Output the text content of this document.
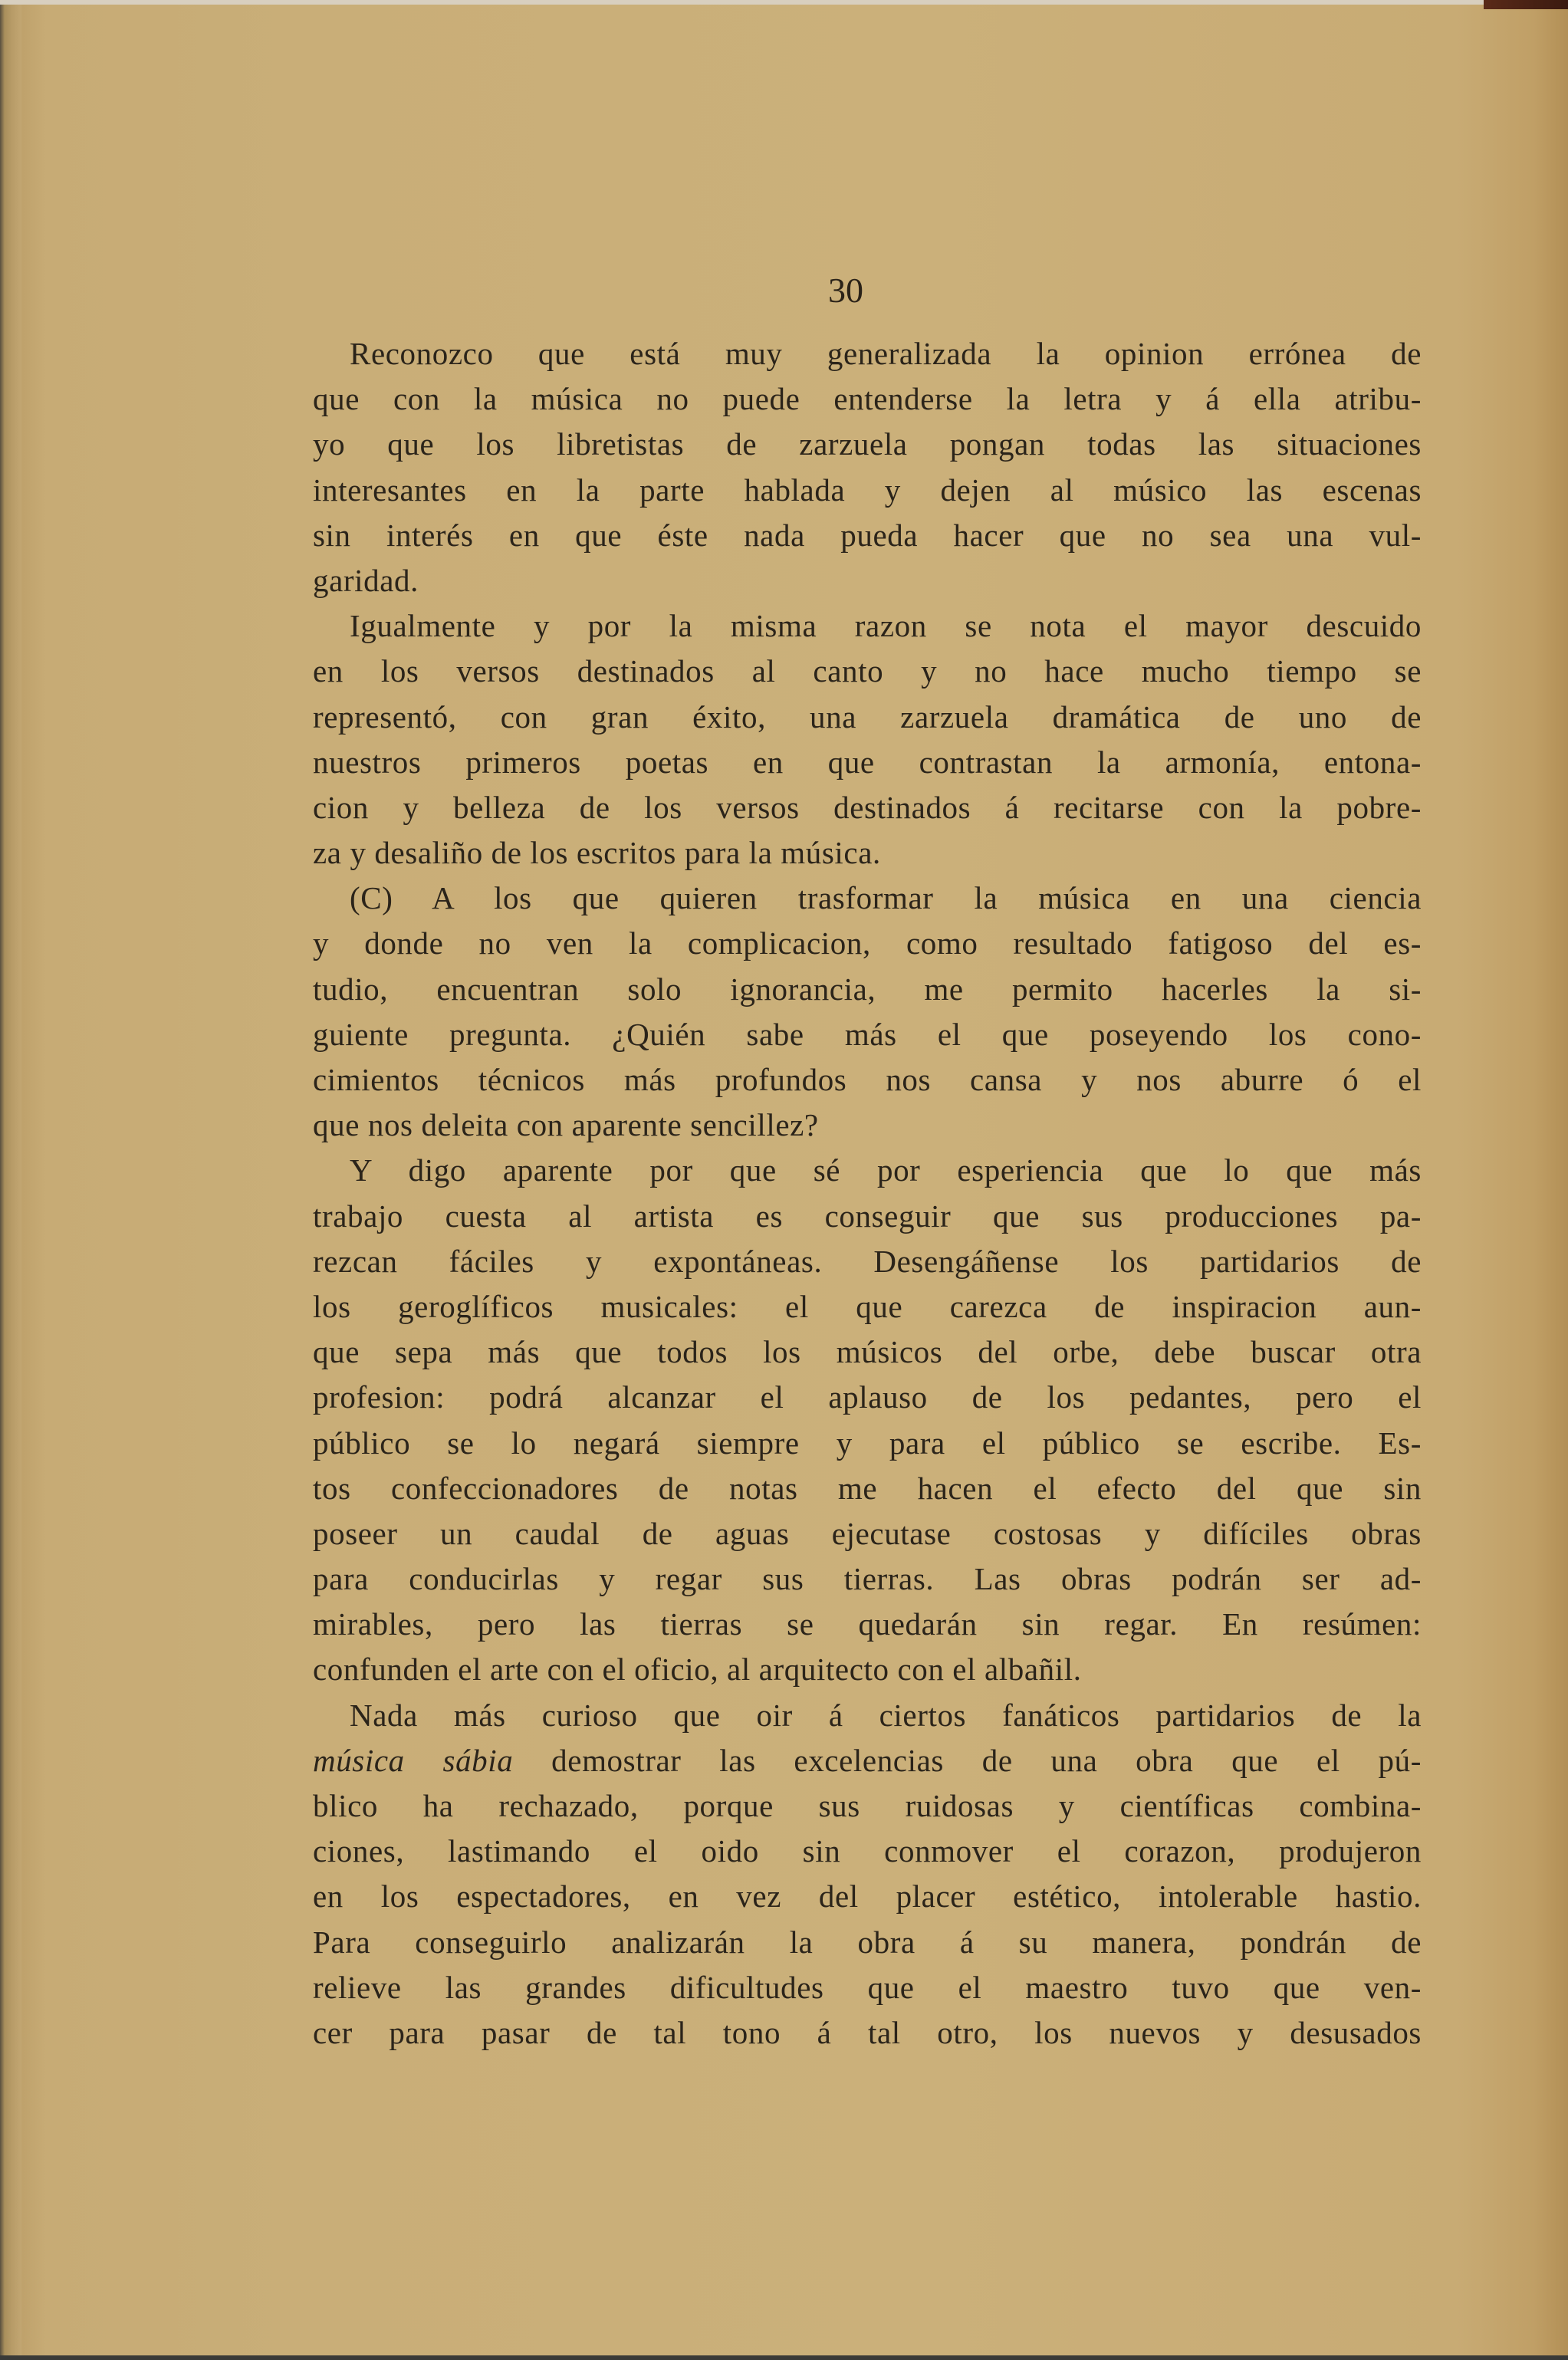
30
Reconozco que está muy generalizada la opinion errónea de
que con la música no puede entenderse la letra y á ella atribu-
yo que los libretistas de zarzuela pongan todas las situaciones
interesantes en la parte hablada y dejen al músico las escenas
sin interés en que éste nada pueda hacer que no sea una vul-
garidad.
Igualmente y por la misma razon se nota el mayor descuido
en los versos destinados al canto y no hace mucho tiempo se
representó, con gran éxito, una zarzuela dramática de uno de
nuestros primeros poetas en que contrastan la armonía, entona-
cion y belleza de los versos destinados á recitarse con la pobre-
za y desaliño de los escritos para la música.
(C) A los que quieren trasformar la música en una ciencia
y donde no ven la complicacion, como resultado fatigoso del es-
tudio, encuentran solo ignorancia, me permito hacerles la si-
guiente pregunta. ¿Quién sabe más el que poseyendo los cono-
cimientos técnicos más profundos nos cansa y nos aburre ó el
que nos deleita con aparente sencillez?
Y digo aparente por que sé por esperiencia que lo que más
trabajo cuesta al artista es conseguir que sus producciones pa-
rezcan fáciles y expontáneas. Desengáñense los partidarios de
los geroglíficos musicales: el que carezca de inspiracion aun-
que sepa más que todos los músicos del orbe, debe buscar otra
profesion: podrá alcanzar el aplauso de los pedantes, pero el
público se lo negará siempre y para el público se escribe. Es-
tos confeccionadores de notas me hacen el efecto del que sin
poseer un caudal de aguas ejecutase costosas y difíciles obras
para conducirlas y regar sus tierras. Las obras podrán ser ad-
mirables, pero las tierras se quedarán sin regar. En resúmen:
confunden el arte con el oficio, al arquitecto con el albañil.
Nada más curioso que oir á ciertos fanáticos partidarios de la
música sábia demostrar las excelencias de una obra que el pú-
blico ha rechazado, porque sus ruidosas y científicas combina-
ciones, lastimando el oido sin conmover el corazon, produjeron
en los espectadores, en vez del placer estético, intolerable hastio.
Para conseguirlo analizarán la obra á su manera, pondrán de
relieve las grandes dificultudes que el maestro tuvo que ven-
cer para pasar de tal tono á tal otro, los nuevos y desusados
